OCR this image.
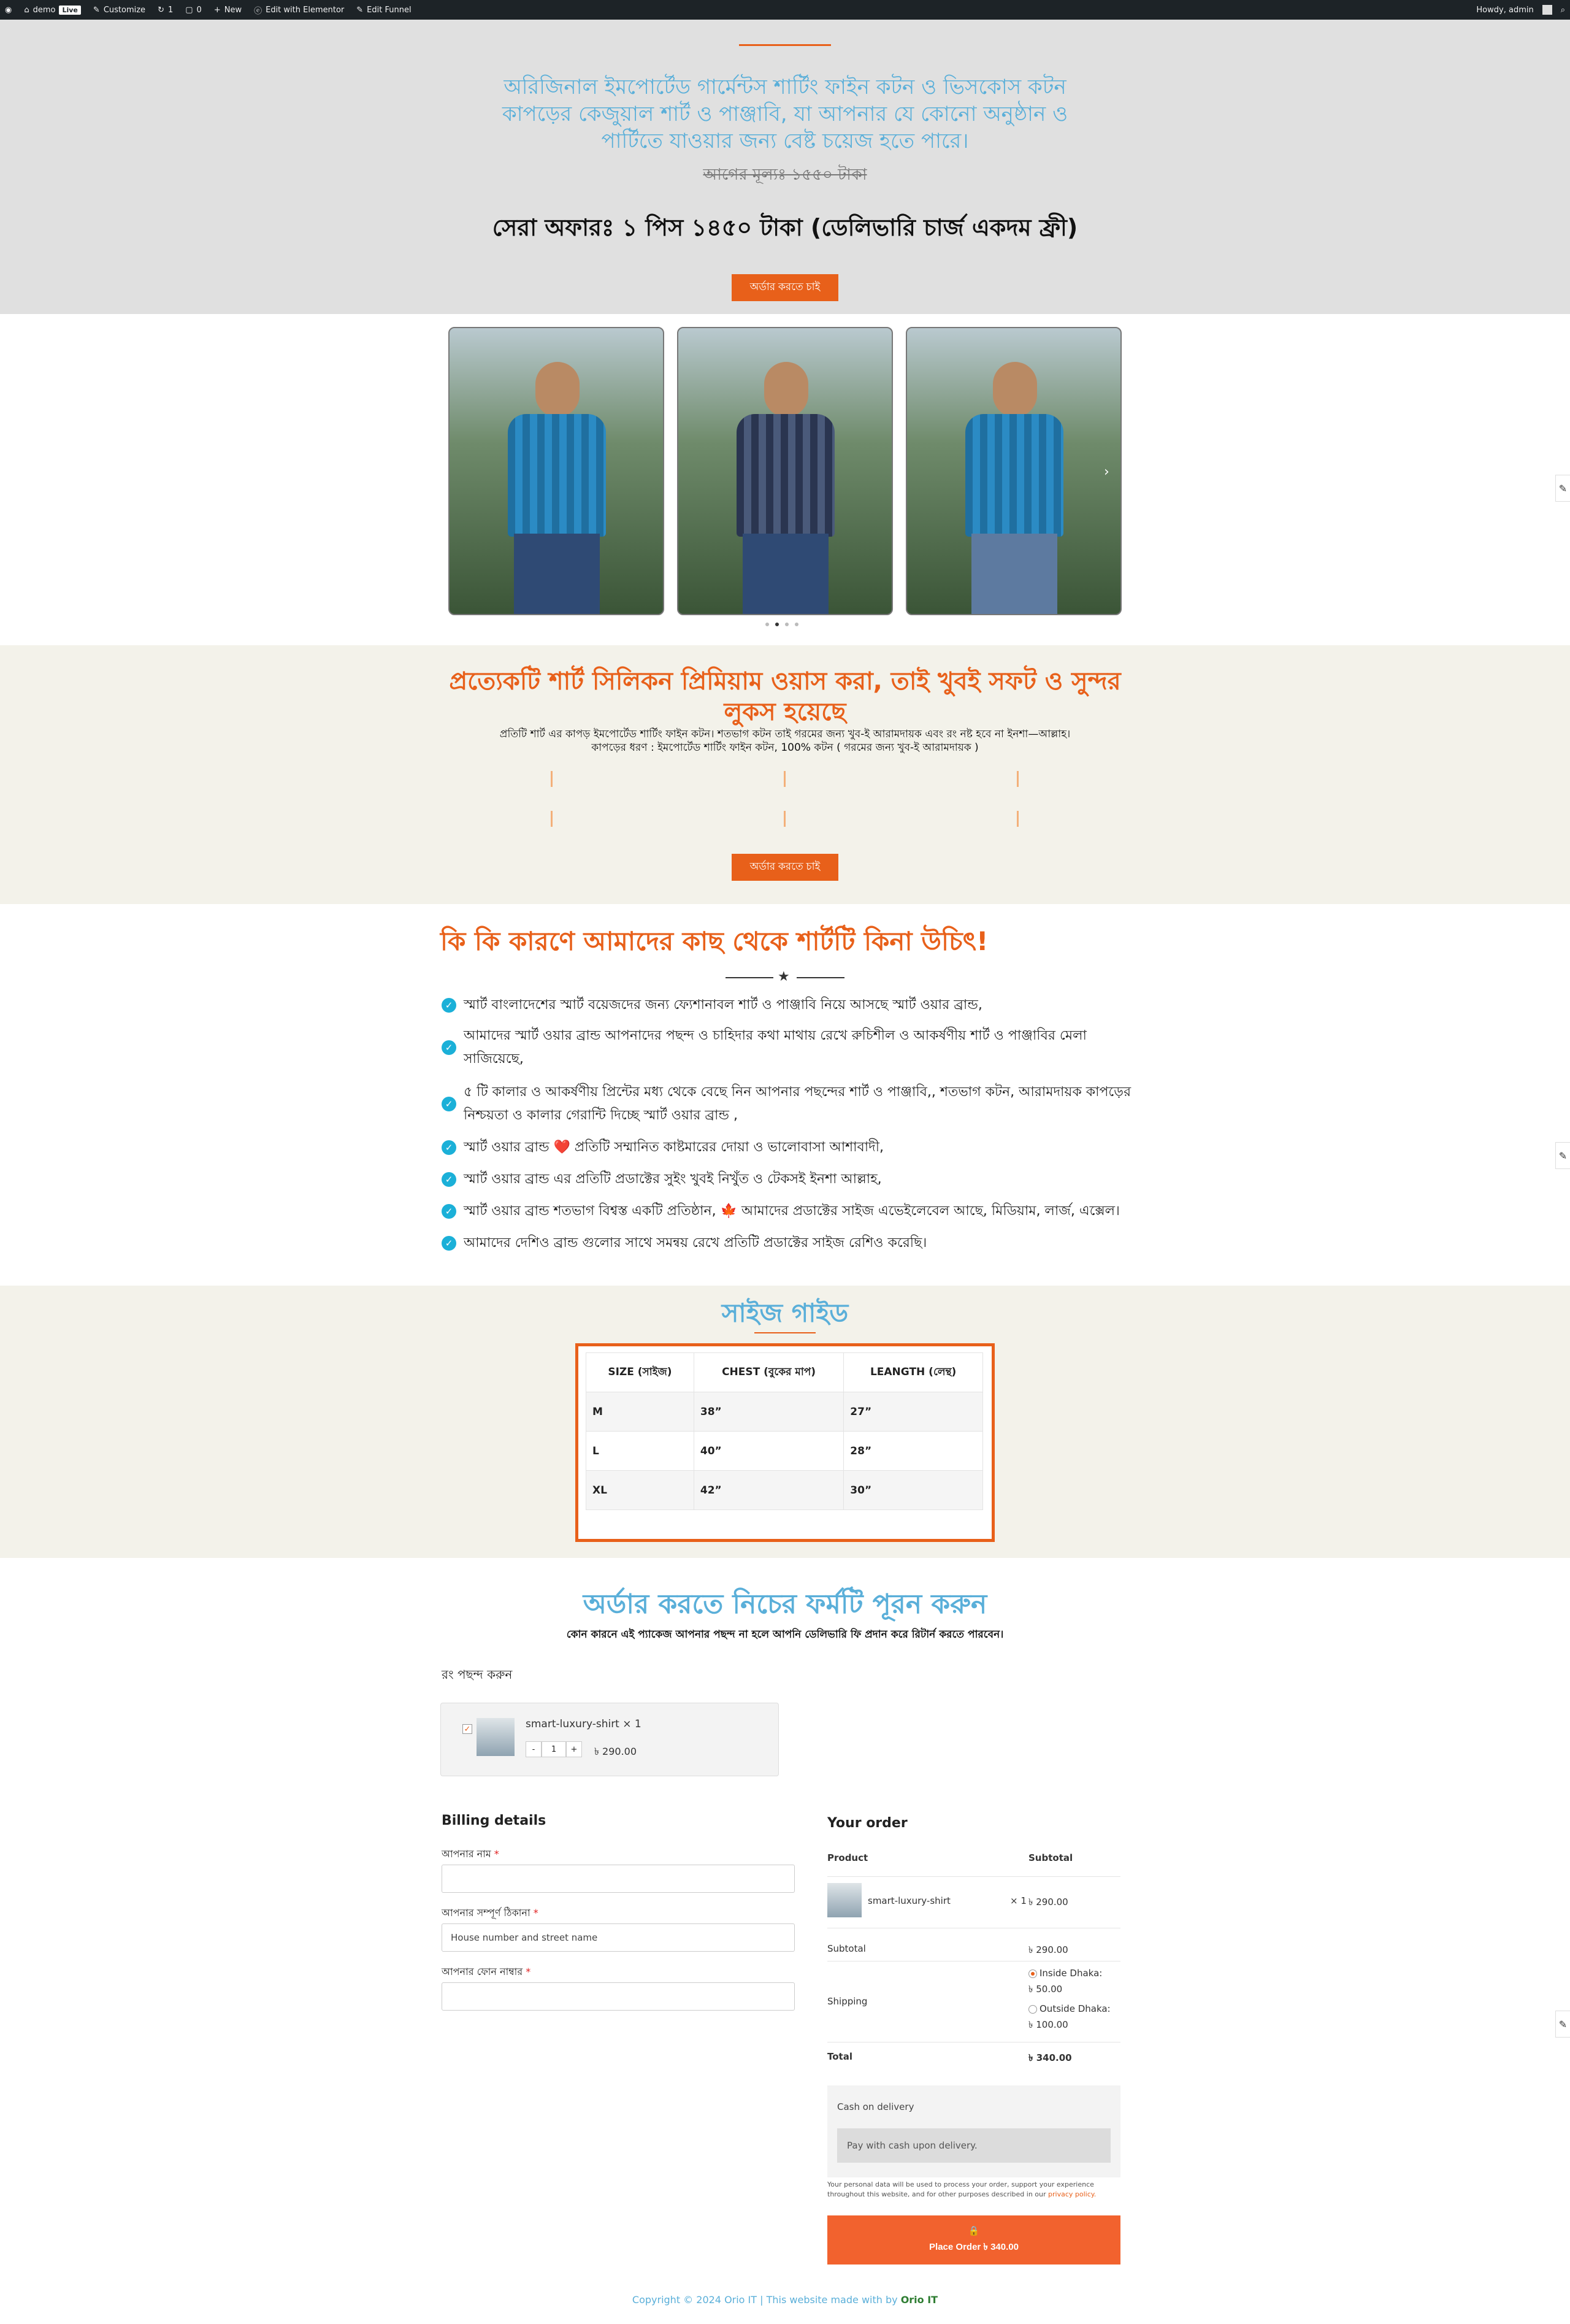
◉ ⌂ demo	Live	✎ Customize ↻ 1 ▢ 0 + New ⓔ Edit with Elementor ✎ Edit Funnel	Howdy, admin	⌕
অরিজিনাল ইমপোর্টেড গার্মেন্টস শার্টিং ফাইন কটন ও ভিসকোস কটন কাপড়ের কেজুয়াল শার্ট ও পাঞ্জাবি, যা আপনার যে কোনো অনুষ্ঠান ও পার্টিতে যাওয়ার জন্য বেষ্ট চয়েজ হতে পারে।
আগের মূল্যঃ ১৫৫০ টাকা
সেরা অফারঃ ১ পিস ১৪৫০ টাকা (ডেলিভারি চার্জ একদম ফ্রী)
অর্ডার করতে চাই
›
প্রত্যেকটি শার্ট সিলিকন প্রিমিয়াম ওয়াস করা, তাই খুবই সফট ও সুন্দর লুকস হয়েছে
প্রতিটি শার্ট এর কাপড় ইমপোর্টেড শার্টিং ফাইন কটন। শতভাগ কটন তাই গরমের জন্য খুব-ই আরামদায়ক এবং রং নষ্ট হবে না ইনশা—আল্লাহ।
কাপড়ের ধরণ : ইমপোর্টেড শার্টিং ফাইন কটন, 100% কটন ( গরমের জন্য খুব-ই আরামদায়ক )
অর্ডার করতে চাই
কি কি কারণে আমাদের কাছ থেকে শার্টটি কিনা উচিৎ!
★
✓ স্মার্ট বাংলাদেশের স্মার্ট বয়েজদের জন্য ফ্যেশানাবল শার্ট ও পাঞ্জাবি নিয়ে আসছে স্মার্ট ওয়ার ব্রান্ড,
✓
আমাদের স্মার্ট ওয়ার ব্রান্ড আপনাদের পছন্দ ও চাহিদার কথা মাথায় রেখে রুচিশীল ও আকর্ষণীয় শার্ট ও পাঞ্জাবির মেলা সাজিয়েছে,
✓
৫ টি কালার ও আকর্ষণীয় প্রিন্টের মধ্য থেকে বেছে নিন আপনার পছন্দের শার্ট ও পাঞ্জাবি,, শতভাগ কটন, আরামদায়ক কাপড়ের নিশ্চয়তা ও কালার গেরান্টি দিচ্ছে স্মার্ট ওয়ার ব্রান্ড ,
✓ স্মার্ট ওয়ার ব্রান্ড ❤️ প্রতিটি সম্মানিত কাষ্টমারের দোয়া ও ভালোবাসা আশাবাদী,
✓ স্মার্ট ওয়ার ব্রান্ড এর প্রতিটি প্রডাক্টের সুইং খুবই নিখুঁত ও টেকসই ইনশা আল্লাহ,
✓ স্মার্ট ওয়ার ব্রান্ড শতভাগ বিশ্বস্ত একটি প্রতিষ্ঠান, 🍁 আমাদের প্রডাক্টের সাইজ এভেইলেবেল আছে, মিডিয়াম, লার্জ, এক্সেল।
✓ আমাদের দেশিও ব্রান্ড গুলোর সাথে সমন্বয় রেখে প্রতিটি প্রডাক্টের সাইজ রেশিও করেছি।
সাইজ গাইড
SIZE (সাইজ)	CHEST (বুকের মাপ)	LEANGTH (লেন্থ)
M	38”	27”
L	40”	28”
XL	42”	30”
অর্ডার করতে নিচের ফর্মটি পূরন করুন
কোন কারনে এই প্যাকেজ আপনার পছন্দ না হলে আপনি ডেলিভারি ফি প্রদান করে রিটার্ন করতে পারবেন।
রং পছন্দ করুন
✓	smart-luxury-shirt × 1
-	1	+	৳ 290.00
Billing details
আপনার নাম *
আপনার সম্পূর্ণ ঠিকানা *
House number and street name
আপনার ফোন নাম্বার *
Your order
Product	Subtotal
smart-luxury-shirt	× 1 ৳ 290.00
Subtotal	৳ 290.00
Shipping
Inside Dhaka:
৳ 50.00
Outside Dhaka:
৳ 100.00
Total	৳ 340.00
Cash on delivery
Pay with cash upon delivery.
Your personal data will be used to process your order, support your experience throughout this website, and for other purposes described in our privacy policy.
🔒
Place Order ৳ 340.00
Copyright © 2024 Orio IT | This website made with by Orio IT
✎
✎
✎
